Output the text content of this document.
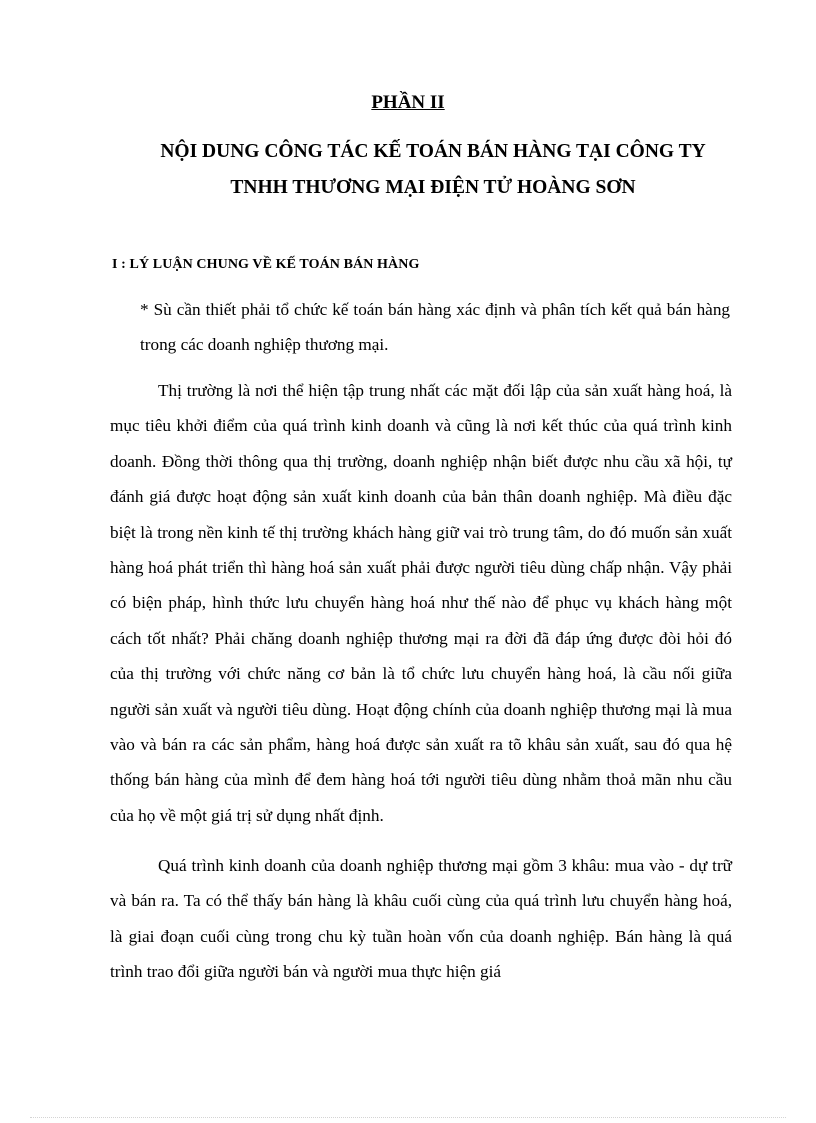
PHẦN II
NỘI DUNG CÔNG TÁC KẾ TOÁN BÁN HÀNG TẠI CÔNG TY TNHH THƯƠNG MẠI ĐIỆN TỬ HOÀNG SƠN
I : LÝ LUẬN CHUNG VỀ KẾ TOÁN BÁN HÀNG

* Sù cần thiết phải tổ chức kế toán bán hàng xác định và phân tích kết quả bán hàng trong các doanh nghiệp thương mại.

Thị trường là nơi thể hiện tập trung nhất các mặt đối lập của sản xuất hàng hoá, là mục tiêu khởi điểm của quá trình kinh doanh và cũng là nơi kết thúc của quá trình kinh doanh. Đồng thời thông qua thị trường, doanh nghiệp nhận biết được nhu cầu xã hội, tự đánh giá được hoạt động sản xuất kinh doanh của bản thân doanh nghiệp. Mà điều đặc biệt là trong nền kinh tế thị trường khách hàng giữ vai trò trung tâm, do đó muốn sản xuất hàng hoá phát triển thì hàng hoá sản xuất phải được người tiêu dùng chấp nhận. Vậy phải có biện pháp, hình thức lưu chuyển hàng hoá như thế nào để phục vụ khách hàng một cách tốt nhất? Phải chăng doanh nghiệp thương mại ra đời đã đáp ứng được đòi hỏi đó của thị trường với chức năng cơ bản là tổ chức lưu chuyển hàng hoá, là cầu nối giữa người sản xuất và người tiêu dùng. Hoạt động chính của doanh nghiệp thương mại là mua vào và bán ra các sản phẩm, hàng hoá được sản xuất ra tõ khâu sản xuất, sau đó qua hệ thống bán hàng của mình để đem hàng hoá tới người tiêu dùng nhằm thoả mãn nhu cầu của họ về một giá trị sử dụng nhất định.

Quá trình kinh doanh của doanh nghiệp thương mại gồm 3 khâu: mua vào - dự trữ và bán ra. Ta có thể thấy bán hàng là khâu cuối cùng của quá trình lưu chuyển hàng hoá, là giai đoạn cuối cùng trong chu kỳ tuần hoàn vốn của doanh nghiệp. Bán hàng là quá trình trao đổi giữa người bán và người mua thực hiện giá
